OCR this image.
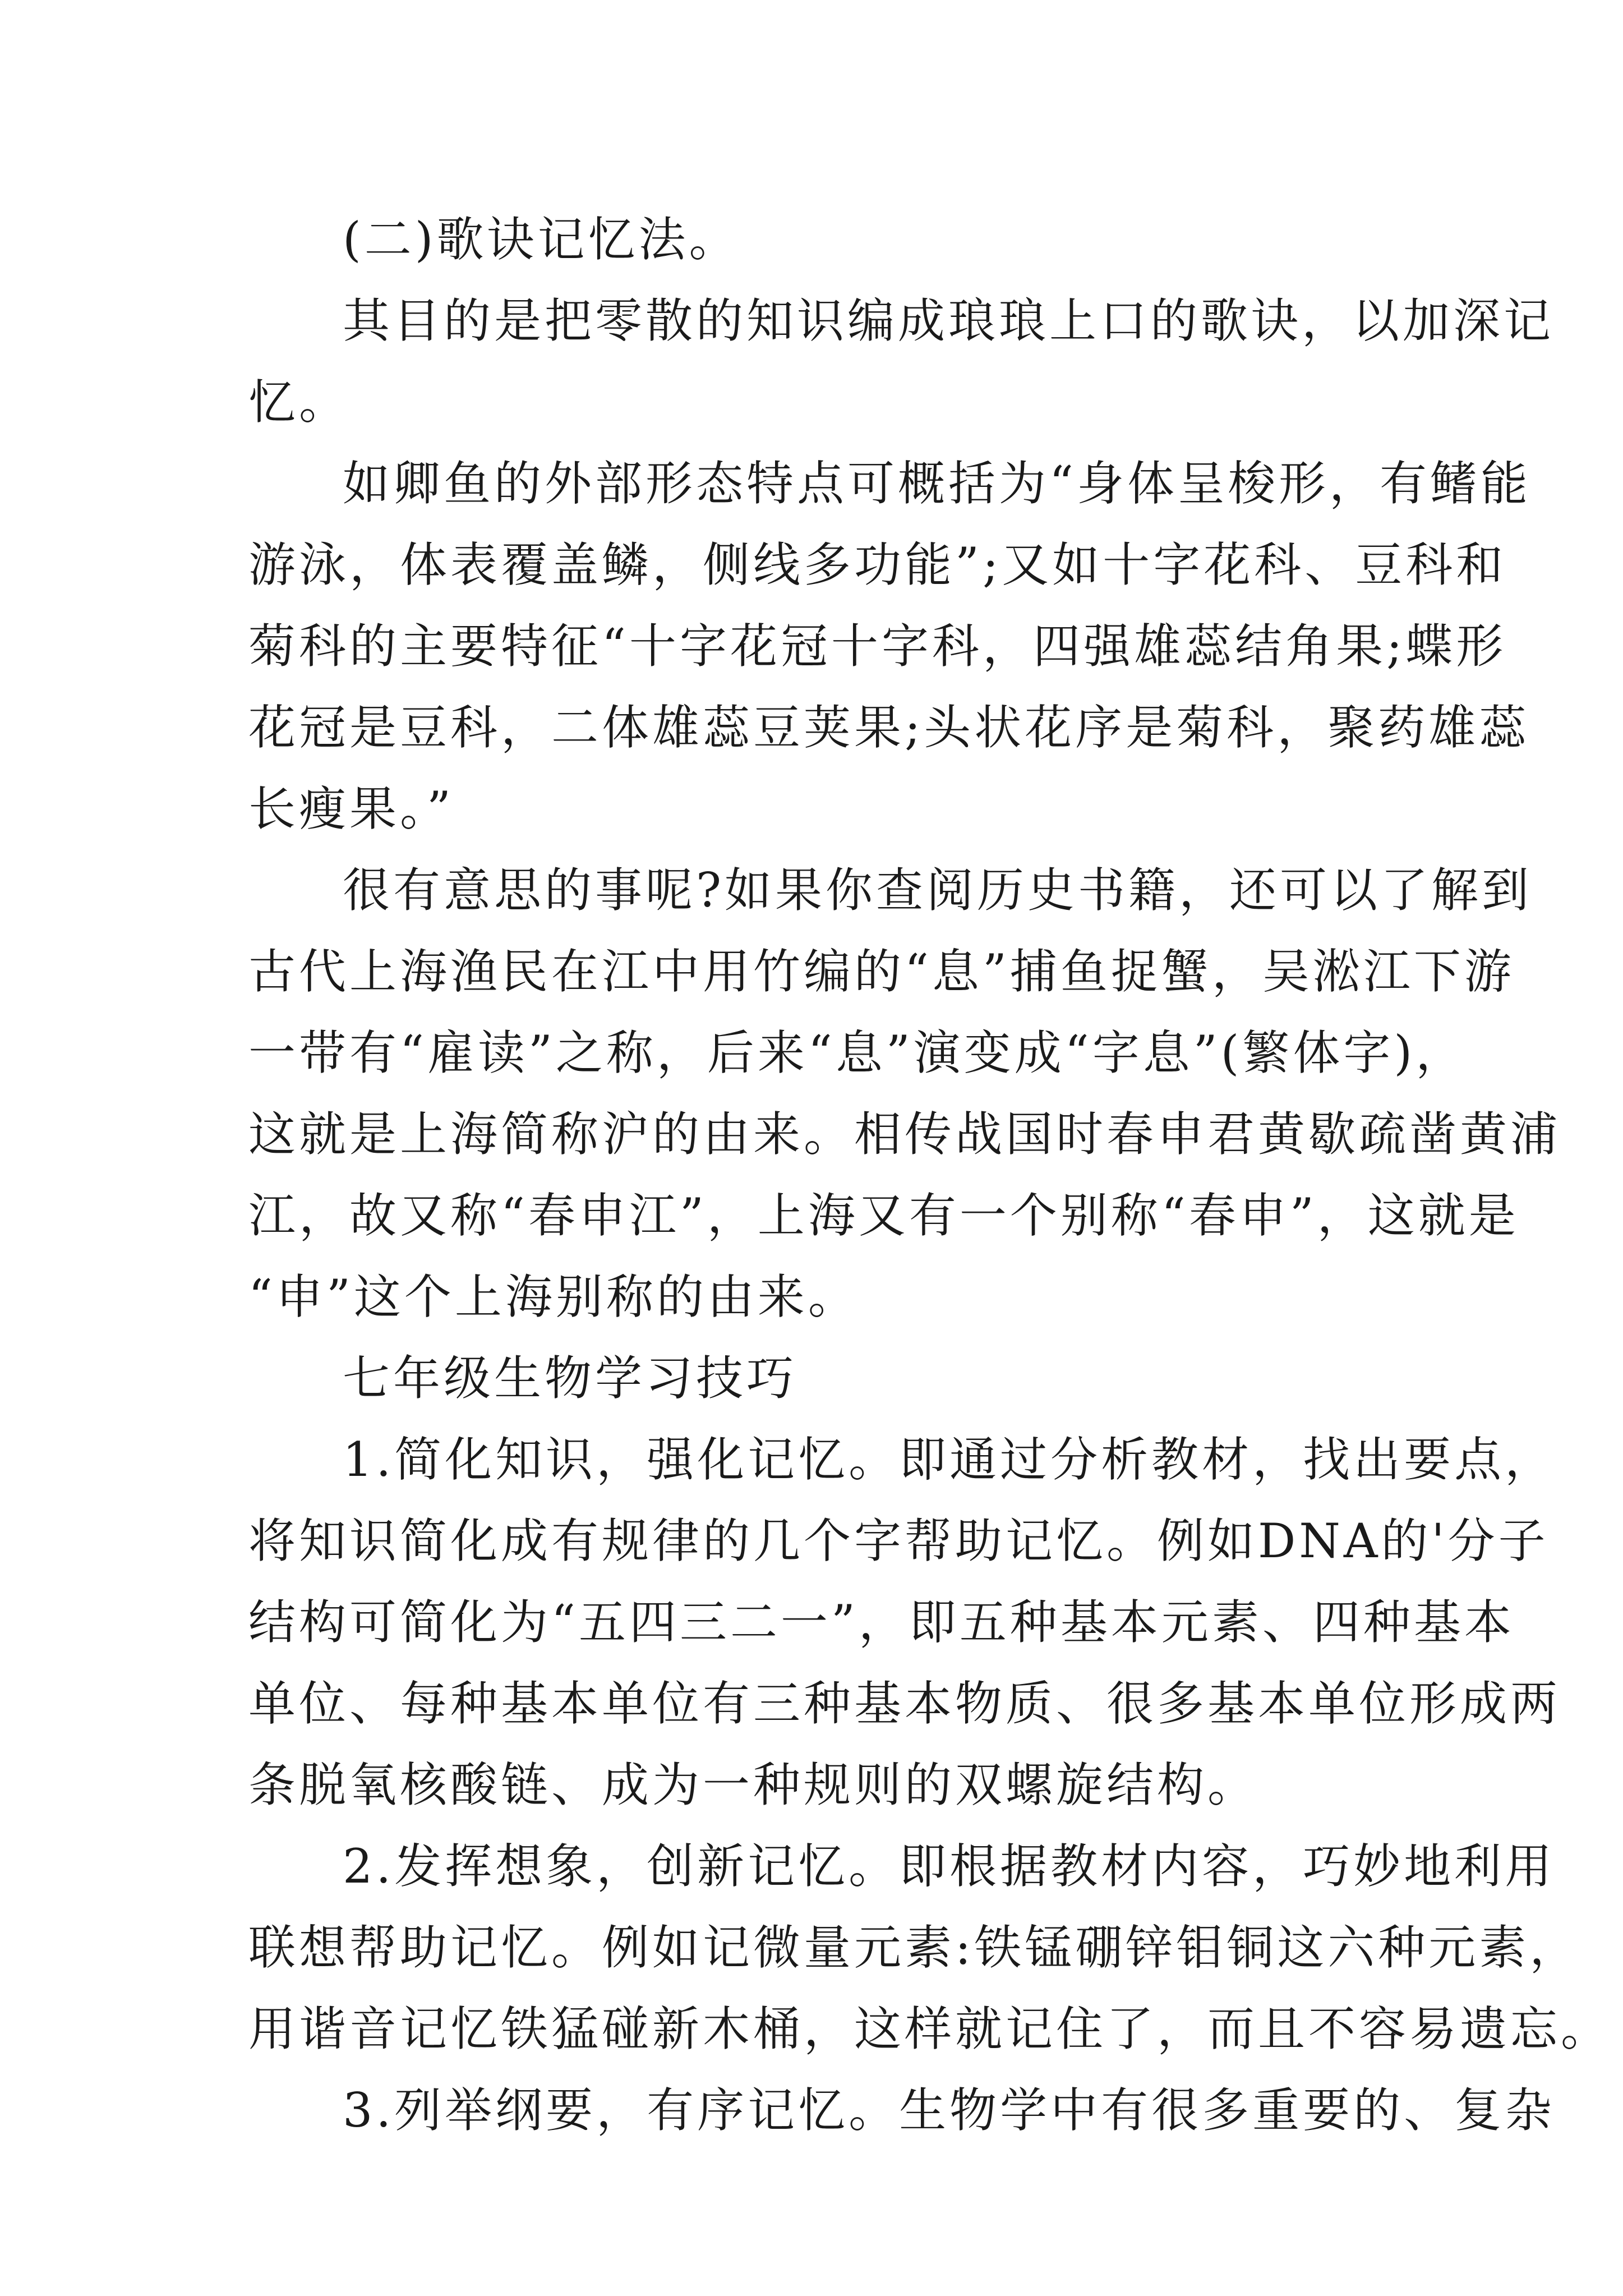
(二)歌诀记忆法。
其目的是把零散的知识编成琅琅上口的歌诀，以加深记
忆。
如卿鱼的外部形态特点可概括为“身体呈梭形，有鳍能
游泳，体表覆盖鳞，侧线多功能”;又如十字花科、豆科和
菊科的主要特征“十字花冠十字科，四强雄蕊结角果;蝶形
花冠是豆科，二体雄蕊豆荚果;头状花序是菊科，聚药雄蕊
长瘦果。”
很有意思的事呢?如果你查阅历史书籍，还可以了解到
古代上海渔民在江中用竹编的“息”捕鱼捉蟹，吴淞江下游
一带有“雇读”之称，后来“息”演变成“字息”(繁体字)，
这就是上海简称沪的由来。相传战国时春申君黄歇疏凿黄浦
江，故又称“春申江”，上海又有一个别称“春申”，这就是
“申”这个上海别称的由来。
七年级生物学习技巧
1.简化知识，强化记忆。即通过分析教材，找出要点，
将知识简化成有规律的几个字帮助记忆。例如DNA的'分子
结构可简化为“五四三二一”，即五种基本元素、四种基本
单位、每种基本单位有三种基本物质、很多基本单位形成两
条脱氧核酸链、成为一种规则的双螺旋结构。
2.发挥想象，创新记忆。即根据教材内容，巧妙地利用
联想帮助记忆。例如记微量元素:铁锰硼锌钼铜这六种元素，
用谐音记忆铁猛碰新木桶，这样就记住了，而且不容易遗忘。
3.列举纲要，有序记忆。生物学中有很多重要的、复杂
